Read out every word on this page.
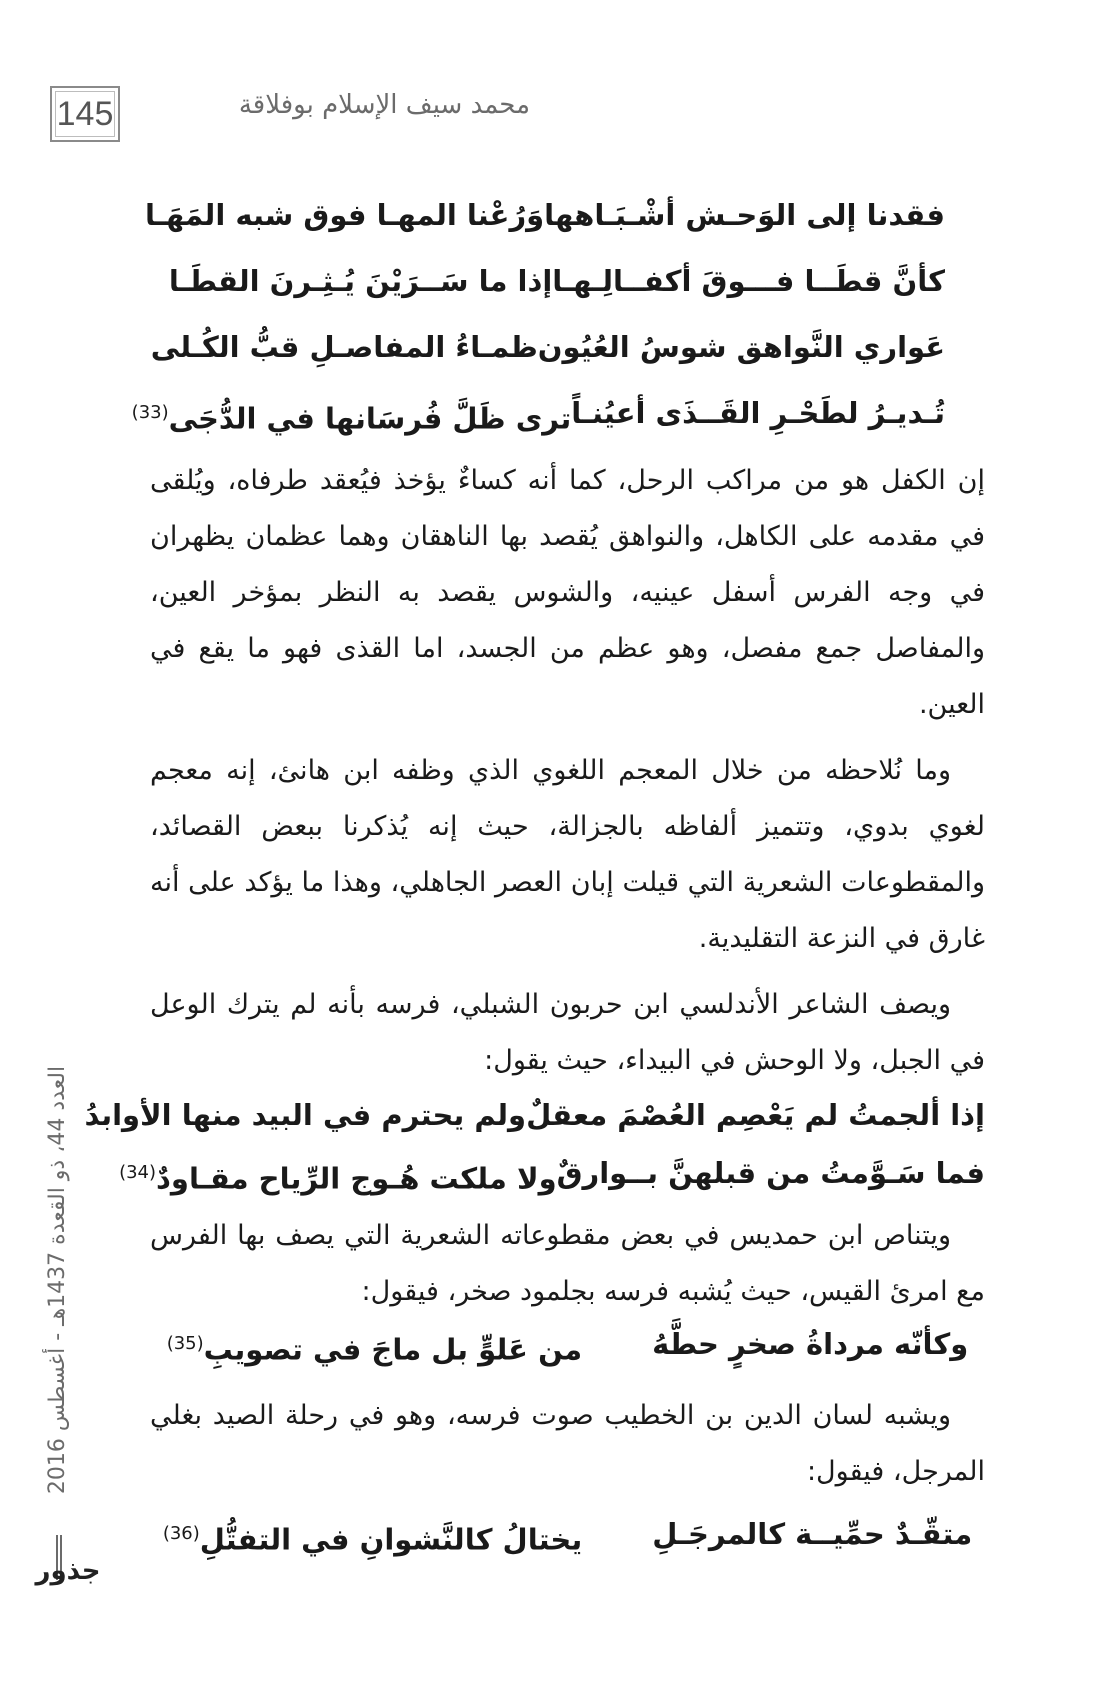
145	محمد سيف الإسلام بوفلاقة
العدد 44، ذو القعدة 1437هـ - أغسطس 2016
جذور
فقدنا إلى الوَحـش أشْـبَـاهها
وَرُعْنا المهـا فوق شبه المَهَـا
كأنَّ قطَــا فـــوقَ أكفــالِـهـا
إذا ما سَــرَيْنَ يُـثِـرنَ القطَـا
عَواري النَّواهق شوسُ العُيُون
ظمـاءُ المفاصـلِ قبُّ الكُـلى
تُـديـرُ لطَحْـرِ القَــذَى أعيُنـاً
ترى ظَلَّ فُرسَانها في الدُّجَى$^{(33)}$

إن الكفل هو من مراكب الرحل، كما أنه كساءٌ يؤخذ فيُعقد طرفاه، ويُلقى في مقدمه على الكاهل، والنواهق يُقصد بها الناهقان وهما عظمان يظهران في وجه الفرس أسفل عينيه، والشوس يقصد به النظر بمؤخر العين، والمفاصل جمع مفصل، وهو عظم من الجسد، اما القذى فهو ما يقع في العين.

وما نُلاحظه من خلال المعجم اللغوي الذي وظفه ابن هانئ، إنه معجم لغوي بدوي، وتتميز ألفاظه بالجزالة، حيث إنه يُذكرنا ببعض القصائد، والمقطوعات الشعرية التي قيلت إبان العصر الجاهلي، وهذا ما يؤكد على أنه غارق في النزعة التقليدية.

ويصف الشاعر الأندلسي ابن حربون الشبلي، فرسه بأنه لم يترك الوعل في الجبل، ولا الوحش في البيداء، حيث يقول:

إذا ألجمتُ لم يَعْصِم العُصْمَ معقلٌ
ولم يحترم في البيد منها الأوابدُ
فما سَـوَّمتُ من قبلهنَّ بــوارقٌ
ولا ملكت هُـوج الرِّياح مقـاودٌ$^{(34)}$

ويتناص ابن حمديس في بعض مقطوعاته الشعرية التي يصف بها الفرس مع امرئ القيس، حيث يُشبه فرسه بجلمود صخر، فيقول:

وكأنّه مرداةُ صخرٍ حطَّهُ
من عَلوٍّ بل ماجَ في تصويبِ$^{(35)}$

ويشبه لسان الدين بن الخطيب صوت فرسه، وهو في رحلة الصيد بغلي المرجل، فيقول:

متقّـدٌ حمِّيــة كالمرجَـلِ
يختالُ كالنَّشوانِ في التفتُّلِ$^{(36)}$
